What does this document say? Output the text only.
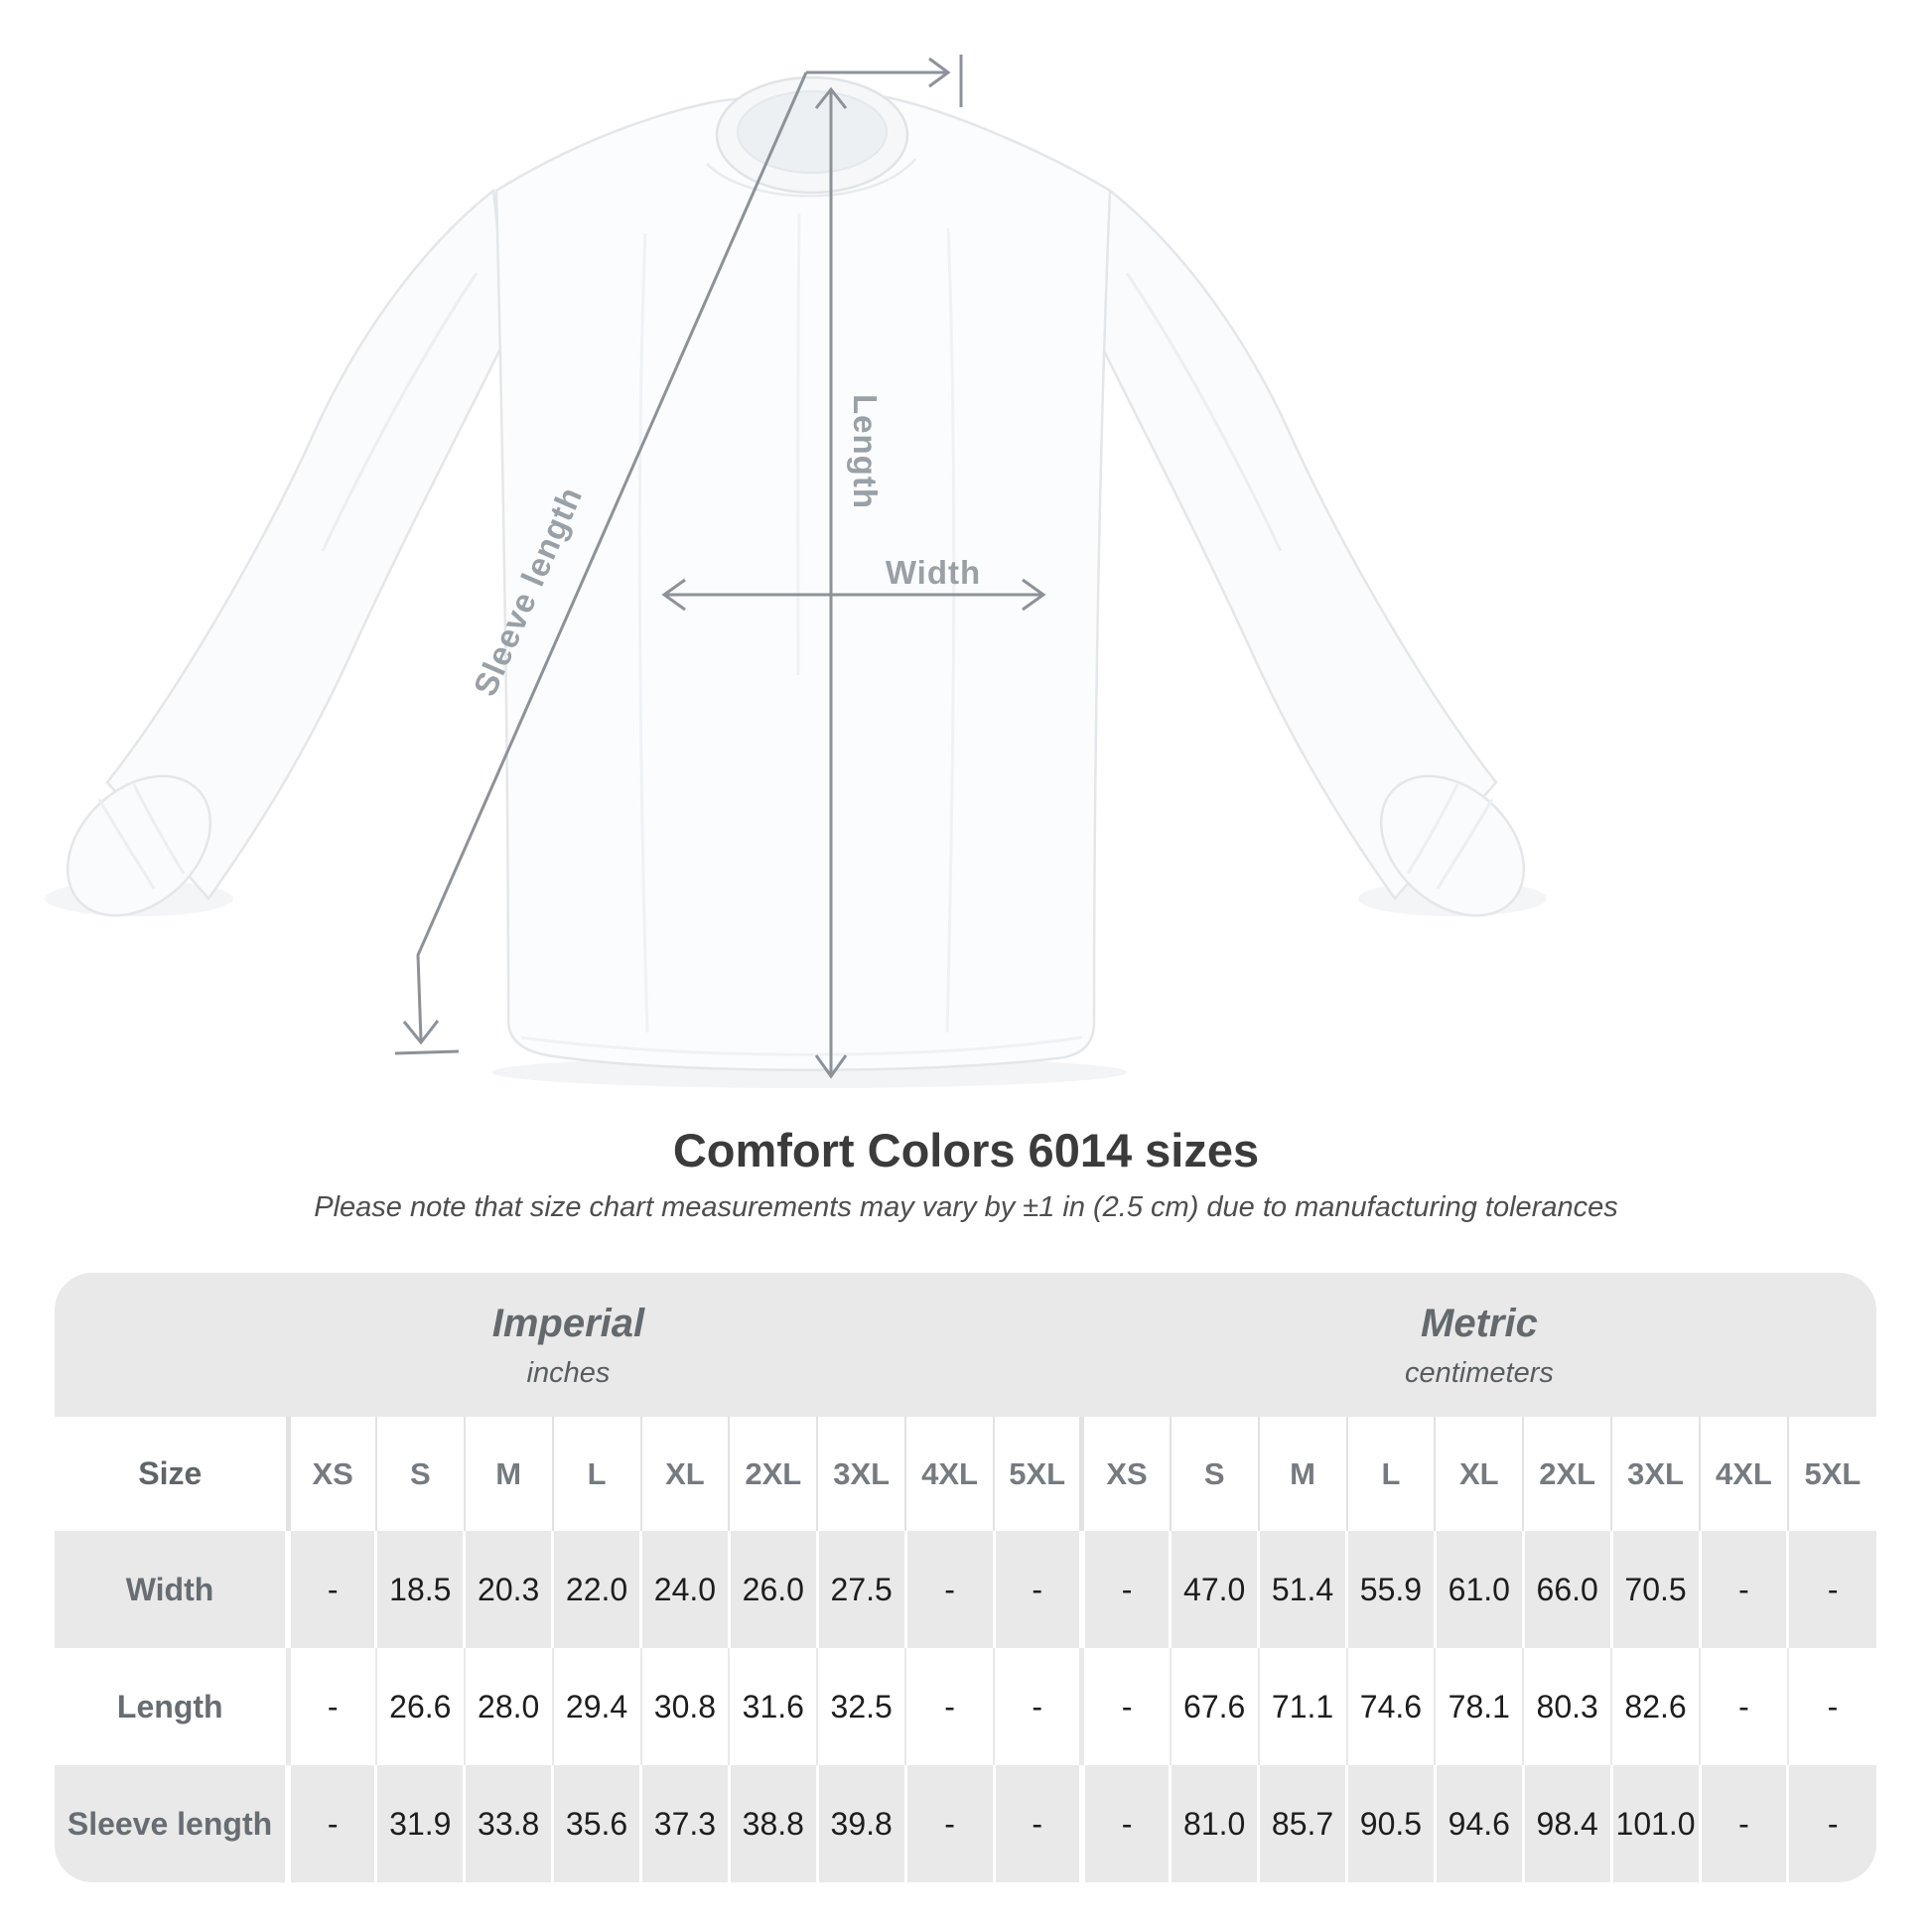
Sleeve length
Length
Width
Comfort Colors 6014 sizes
Please note that size chart measurements may vary by ±1 in (2.5 cm) due to manufacturing tolerances
Imperial
inches

Metric
centimeters

Size	XS	S	M	L	XL	2XL	3XL	4XL	5XL	XS	S	M	L	XL	2XL	3XL	4XL	5XL
Width	-	18.5	20.3	22.0	24.0	26.0	27.5	-	-	-	47.0	51.4	55.9	61.0	66.0	70.5	-	-
Length	-	26.6	28.0	29.4	30.8	31.6	32.5	-	-	-	67.6	71.1	74.6	78.1	80.3	82.6	-	-
Sleeve length	-	31.9	33.8	35.6	37.3	38.8	39.8	-	-	-	81.0	85.7	90.5	94.6	98.4	101.0	-	-
